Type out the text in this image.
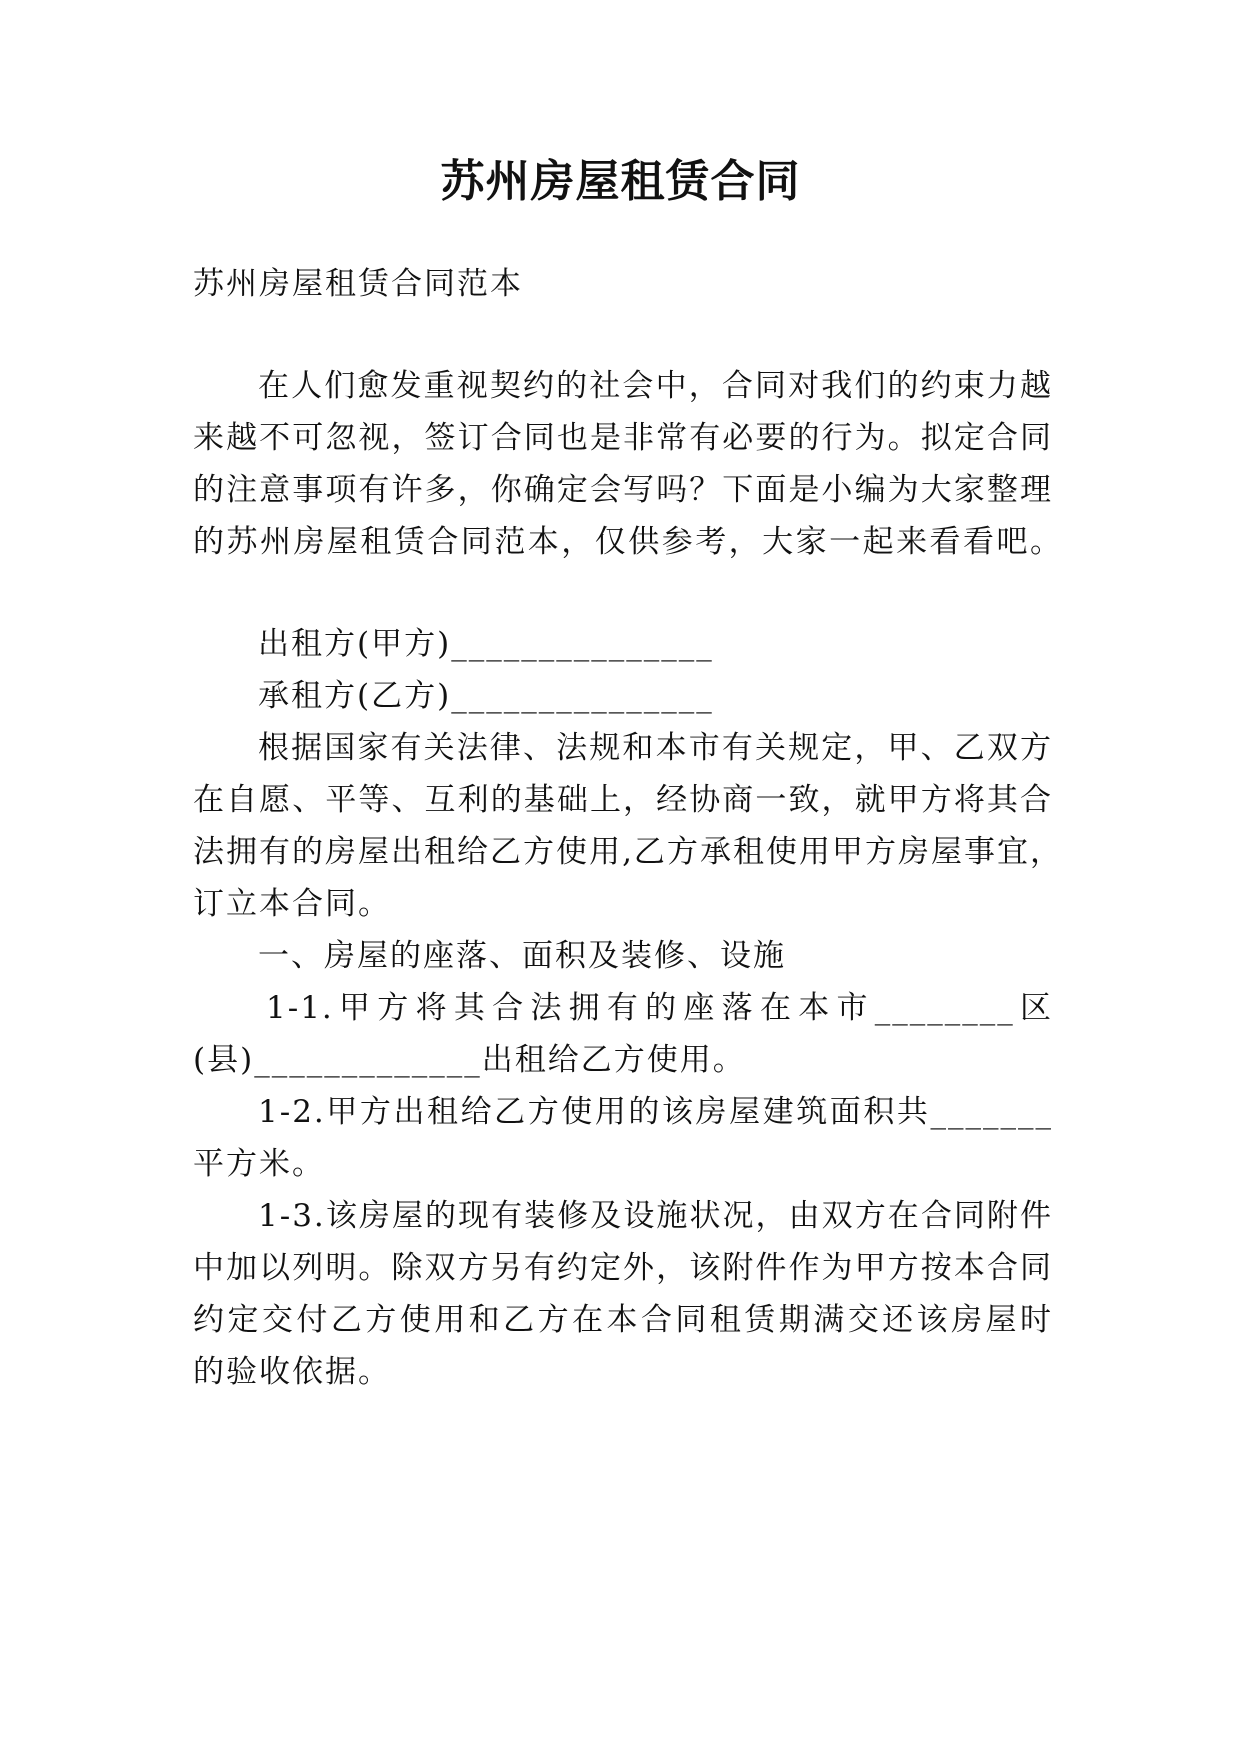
苏州房屋租赁合同
苏州房屋租赁合同范本
在人们愈发重视契约的社会中，合同对我们的约束力越
来越不可忽视，签订合同也是非常有必要的行为。拟定合同
的注意事项有许多，你确定会写吗？下面是小编为大家整理
的苏州房屋租赁合同范本，仅供参考，大家一起来看看吧。
出租方(甲方)_______________
承租方(乙方)_______________
根据国家有关法律、法规和本市有关规定，甲、乙双方
在自愿、平等、互利的基础上，经协商一致，就甲方将其合
法拥有的房屋出租给乙方使用,乙方承租使用甲方房屋事宜，
订立本合同。
一、房屋的座落、面积及装修、设施
1-1.甲方将其合法拥有的座落在本市________区
(县)_____________出租给乙方使用。
1-2.甲方出租给乙方使用的该房屋建筑面积共_______
平方米。
1-3.该房屋的现有装修及设施状况，由双方在合同附件
中加以列明。除双方另有约定外，该附件作为甲方按本合同
约定交付乙方使用和乙方在本合同租赁期满交还该房屋时
的验收依据。
